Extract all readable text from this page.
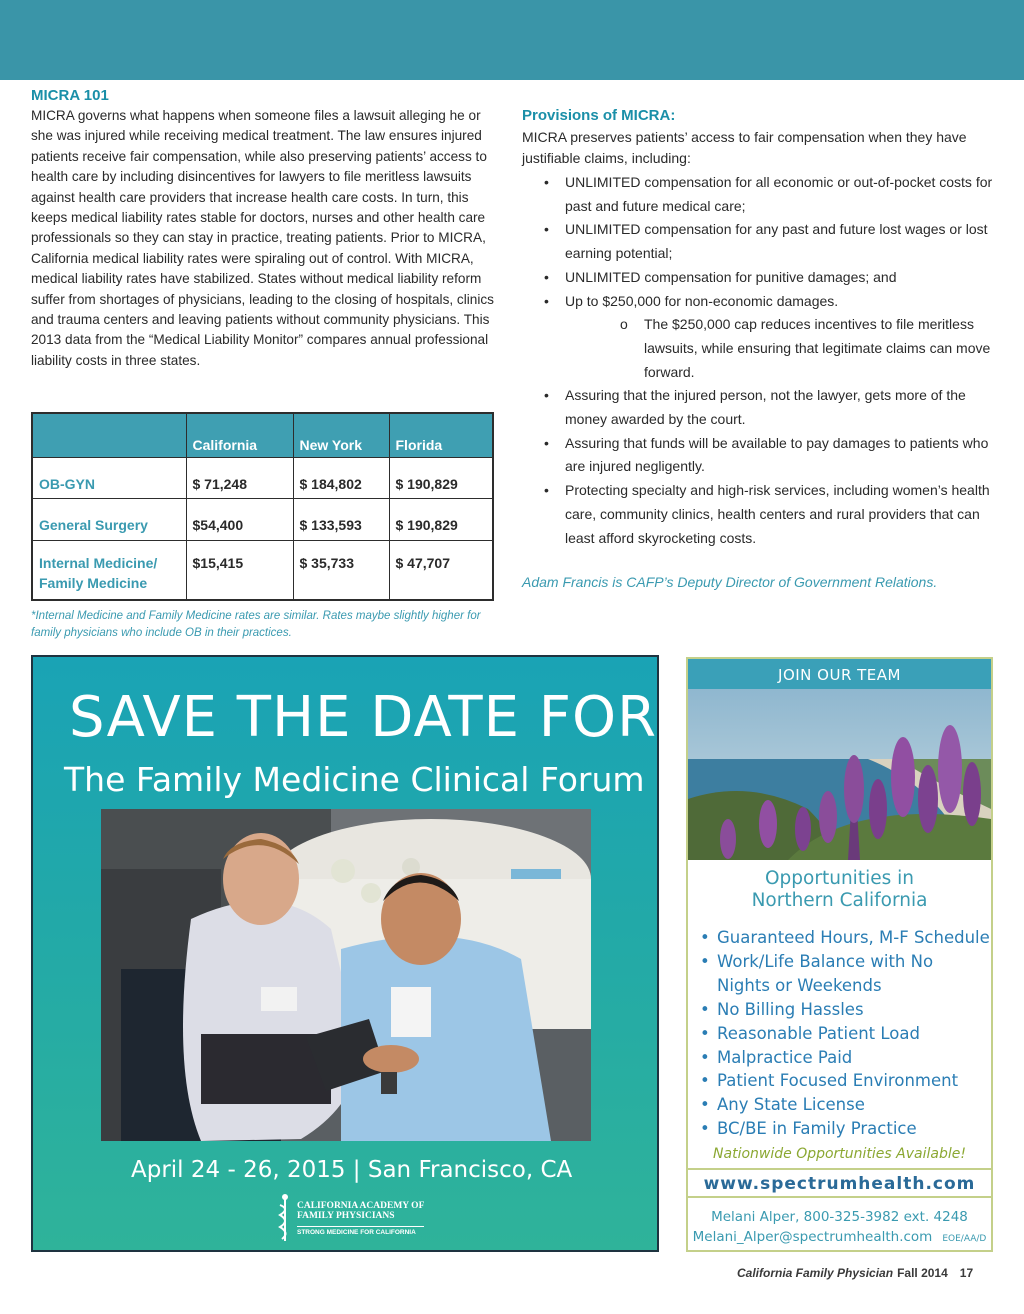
MICRA 101

MICRA governs what happens when someone files a lawsuit alleging he or she was injured while receiving medical treatment. The law ensures injured patients receive fair compensation, while also preserving patients’ access to health care by including disincentives for lawyers to file meritless lawsuits against health care providers that increase health care costs. In turn, this keeps medical liability rates stable for doctors, nurses and other health care professionals so they can stay in practice, treating patients. Prior to MICRA, California medical liability rates were spiraling out of control. With MICRA, medical liability rates have stabilized. States without medical liability reform suffer from shortages of physicians, leading to the closing of hospitals, clinics and trauma centers and leaving patients without community physicians. This 2013 data from the “Medical Liability Monitor” compares annual professional liability costs in three states.

	California	New York	Florida
OB-GYN	$ 71,248	$ 184,802	$ 190,829
General Surgery	$54,400	$ 133,593	$ 190,829
Internal Medicine/ Family Medicine	$15,415	$ 35,733	$ 47,707

*Internal Medicine and Family Medicine rates are similar. Rates maybe slightly higher for family physicians who include OB in their practices.

Provisions of MICRA:

MICRA preserves patients’ access to fair compensation when they have justifiable claims, including:

• UNLIMITED compensation for all economic or out-of-pocket costs for past and future medical care;
• UNLIMITED compensation for any past and future lost wages or lost earning potential;
• UNLIMITED compensation for punitive damages; and
• Up to $250,000 for non-economic damages.
o The $250,000 cap reduces incentives to file meritless lawsuits, while ensuring that legitimate claims can move forward.
• Assuring that the injured person, not the lawyer, gets more of the money awarded by the court.
• Assuring that funds will be available to pay damages to patients who are injured negligently.
• Protecting specialty and high-risk services, including women’s health care, community clinics, health centers and rural providers that can least afford skyrocketing costs.

Adam Francis is CAFP’s Deputy Director of Government Relations.

SAVE THE DATE FOR
The Family Medicine Clinical Forum
April 24 - 26, 2015 | San Francisco, CA
CALIFORNIA ACADEMY OF
FAMILY PHYSICIANS
STRONG MEDICINE FOR CALIFORNIA
JOIN OUR TEAM
Opportunities in
Northern California
• Guaranteed Hours, M-F Schedule
• Work/Life Balance with No Nights or Weekends
• No Billing Hassles
• Reasonable Patient Load
• Malpractice Paid
• Patient Focused Environment
• Any State License
• BC/BE in Family Practice
Nationwide Opportunities Available!
www.spectrumhealth.com
Melani Alper, 800-325-3982 ext. 4248
Melani_Alper@spectrumhealth.com EOE/AA/D
California Family Physician Fall 2014 17
